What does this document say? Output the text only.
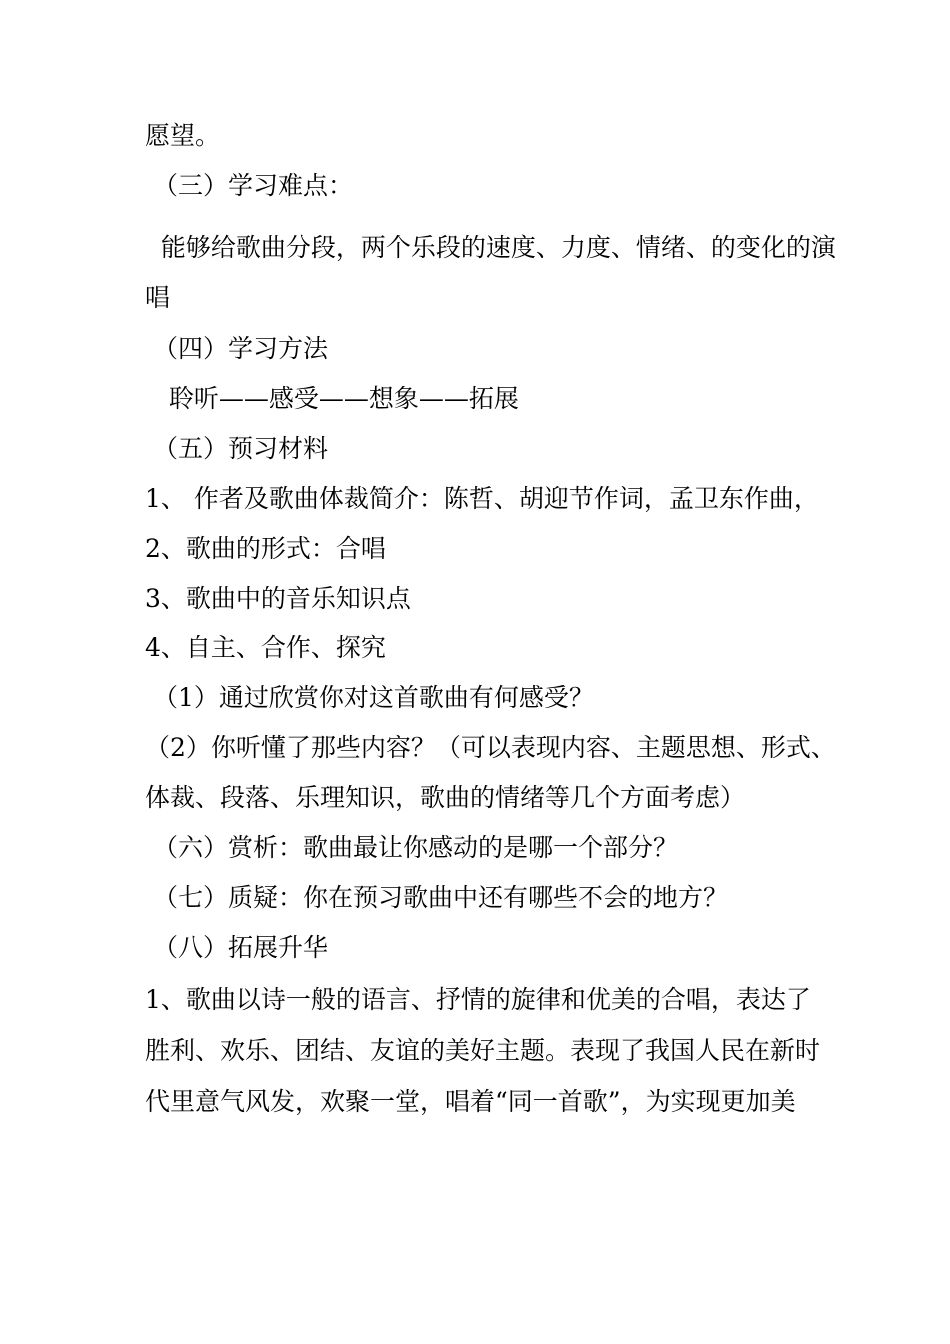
愿望。

（三）学习难点：

能够给歌曲分段，两个乐段的速度、力度、情绪、的变化的演

唱

（四）学习方法

聆听——感受——想象——拓展

（五）预习材料

1、 作者及歌曲体裁简介：陈哲、胡迎节作词，孟卫东作曲，

2、歌曲的形式：合唱

3、歌曲中的音乐知识点

4、自主、合作、探究

（1）通过欣赏你对这首歌曲有何感受？

（2）你听懂了那些内容？（可以表现内容、主题思想、形式、

体裁、段落、乐理知识，歌曲的情绪等几个方面考虑）

（六）赏析：歌曲最让你感动的是哪一个部分？

（七）质疑：你在预习歌曲中还有哪些不会的地方？

（八）拓展升华

1、歌曲以诗一般的语言、抒情的旋律和优美的合唱，表达了

胜利、欢乐、团结、友谊的美好主题。表现了我国人民在新时

代里意气风发，欢聚一堂，唱着“同一首歌”，为实现更加美
